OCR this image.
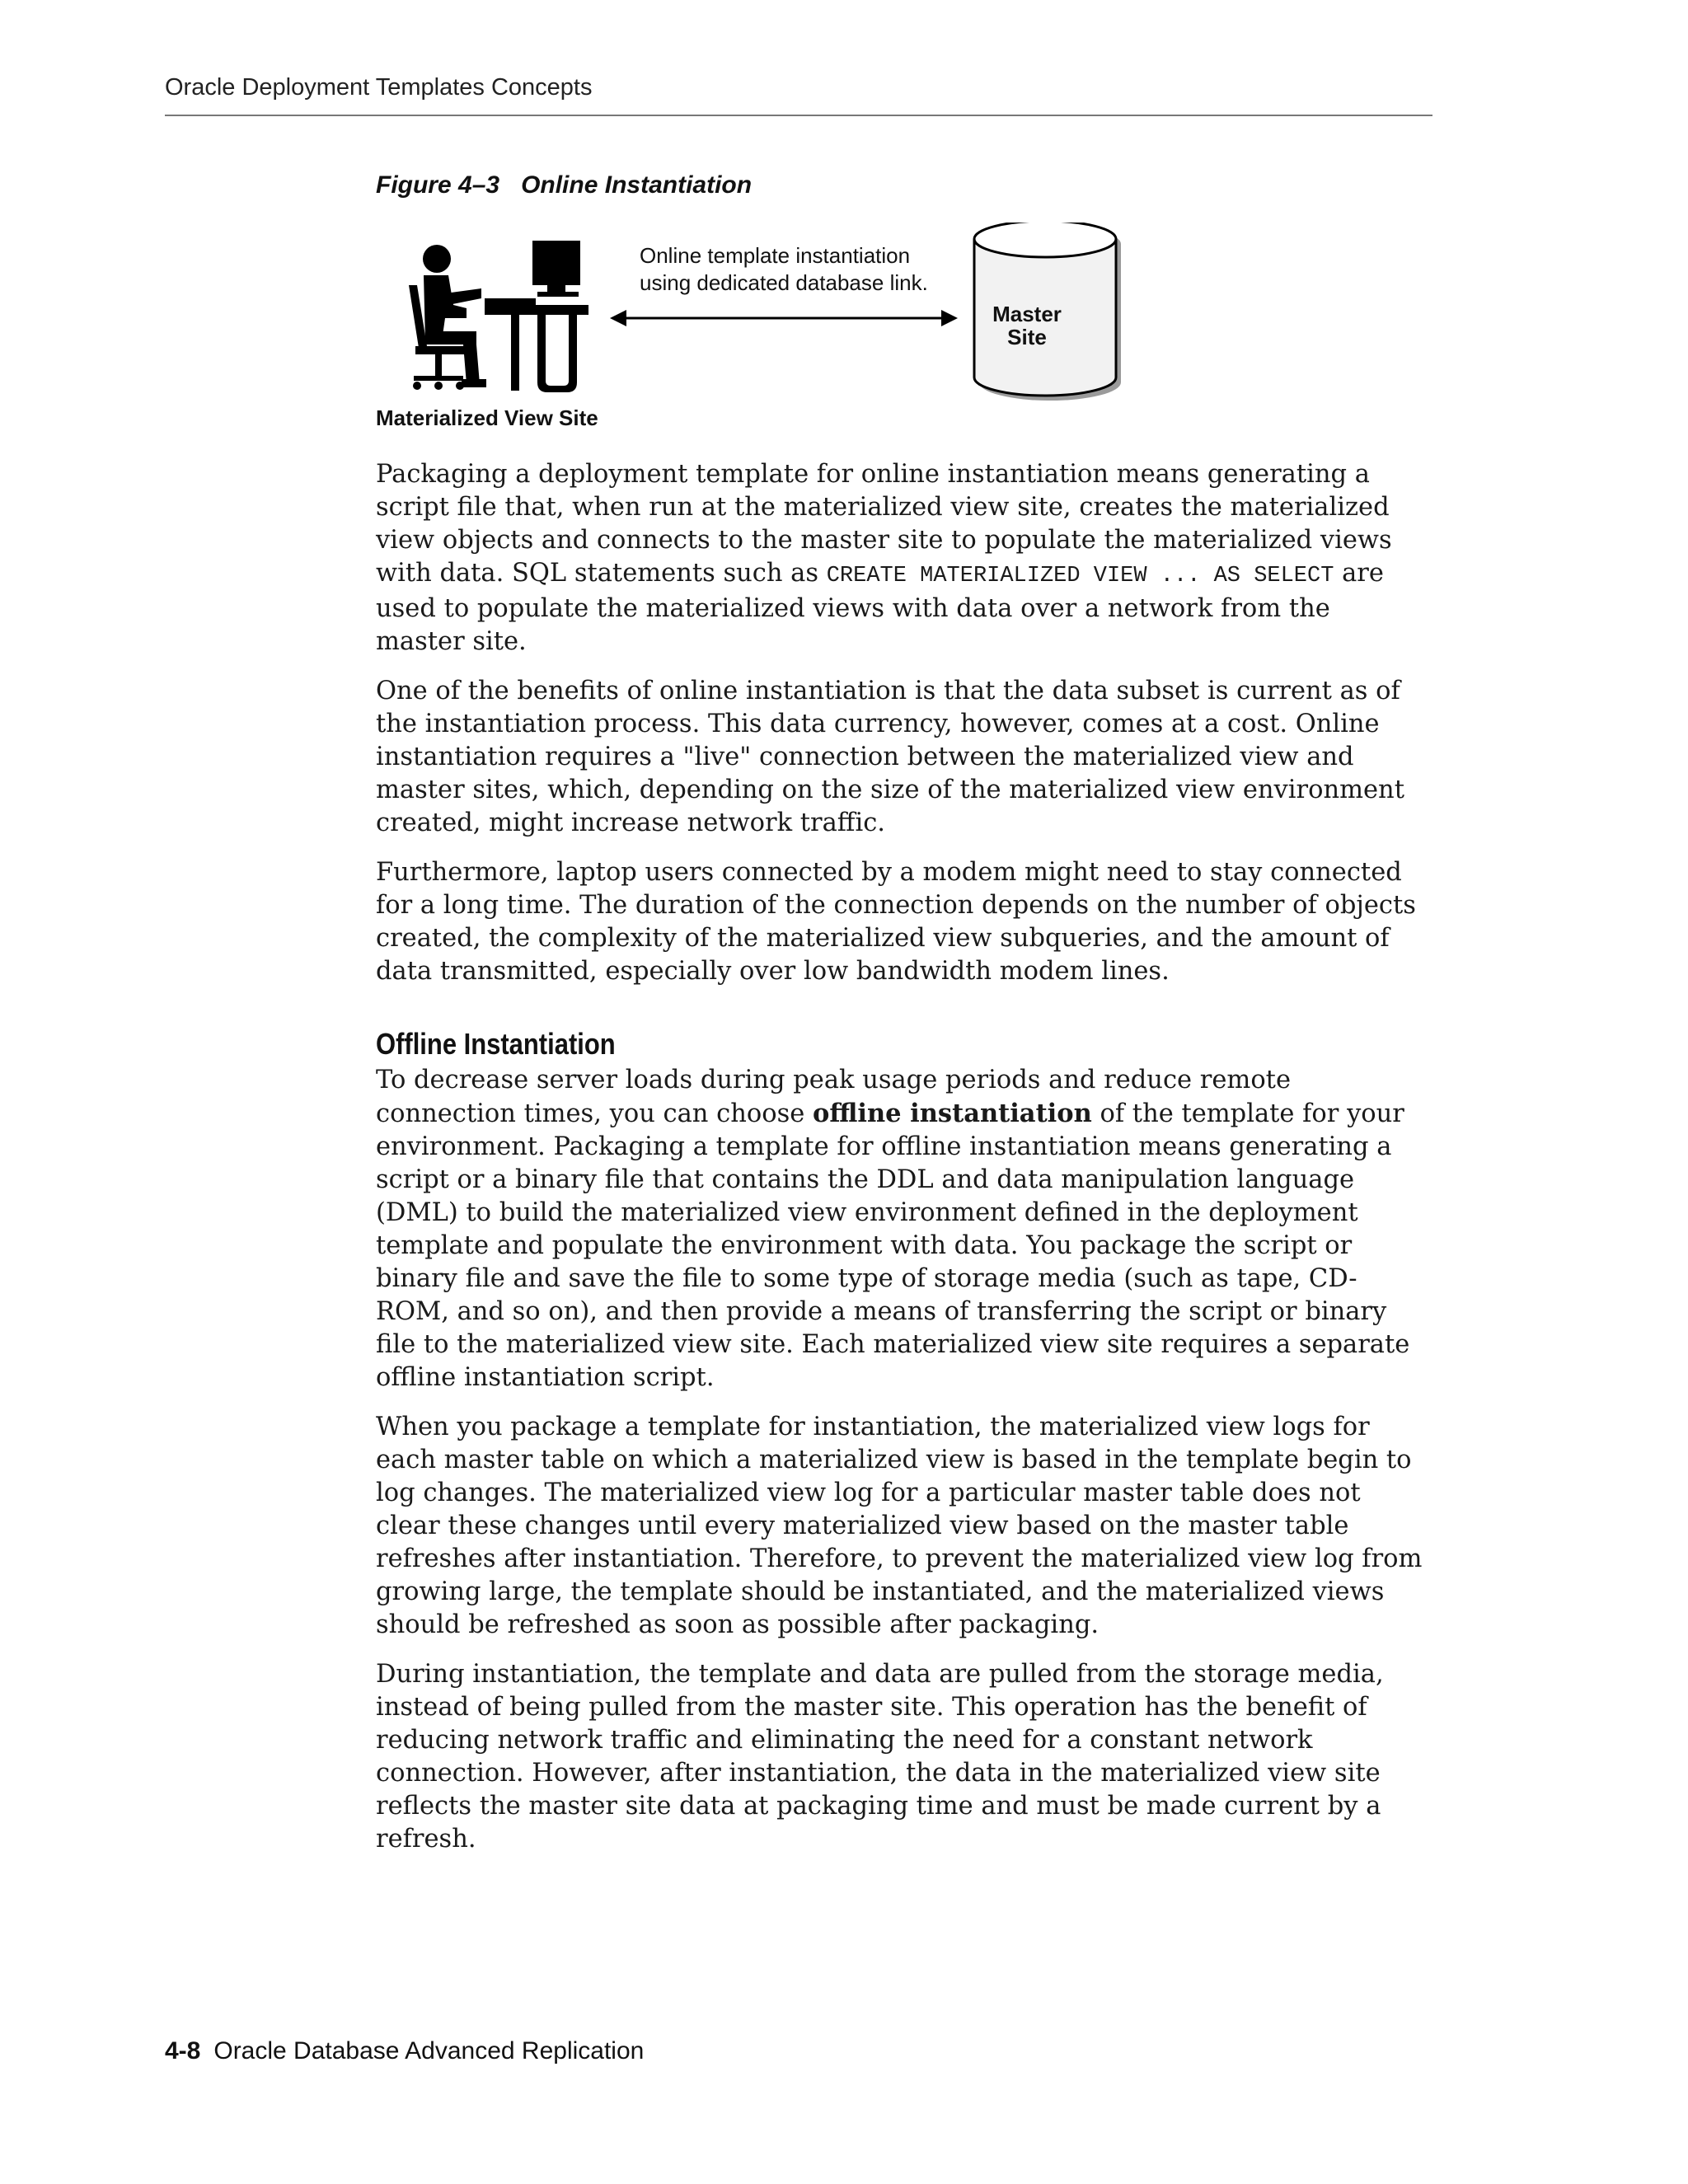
Oracle Deployment Templates Concepts
Figure 4–3 Online Instantiation
Online template instantiation
using dedicated database link.
Master
Site
Materialized View Site

Packaging a deployment template for online instantiation means generating a script file that, when run at the materialized view site, creates the materialized view objects and connects to the master site to populate the materialized views with data. SQL statements such as CREATE MATERIALIZED VIEW ... AS SELECT are used to populate the materialized views with data over a network from the master site.

One of the benefits of online instantiation is that the data subset is current as of the instantiation process. This data currency, however, comes at a cost. Online instantiation requires a "live" connection between the materialized view and master sites, which, depending on the size of the materialized view environment created, might increase network traffic.

Furthermore, laptop users connected by a modem might need to stay connected for a long time. The duration of the connection depends on the number of objects created, the complexity of the materialized view subqueries, and the amount of data transmitted, especially over low bandwidth modem lines.

Offline Instantiation

To decrease server loads during peak usage periods and reduce remote connection times, you can choose offline instantiation of the template for your environment. Packaging a template for offline instantiation means generating a script or a binary file that contains the DDL and data manipulation language (DML) to build the materialized view environment defined in the deployment template and populate the environment with data. You package the script or binary file and save the file to some type of storage media (such as tape, CD-ROM, and so on), and then provide a means of transferring the script or binary file to the materialized view site. Each materialized view site requires a separate offline instantiation script.

When you package a template for instantiation, the materialized view logs for each master table on which a materialized view is based in the template begin to log changes. The materialized view log for a particular master table does not clear these changes until every materialized view based on the master table refreshes after instantiation. Therefore, to prevent the materialized view log from growing large, the template should be instantiated, and the materialized views should be refreshed as soon as possible after packaging.

During instantiation, the template and data are pulled from the storage media, instead of being pulled from the master site. This operation has the benefit of reducing network traffic and eliminating the need for a constant network connection. However, after instantiation, the data in the materialized view site reflects the master site data at packaging time and must be made current by a refresh.

4-8 Oracle Database Advanced Replication
